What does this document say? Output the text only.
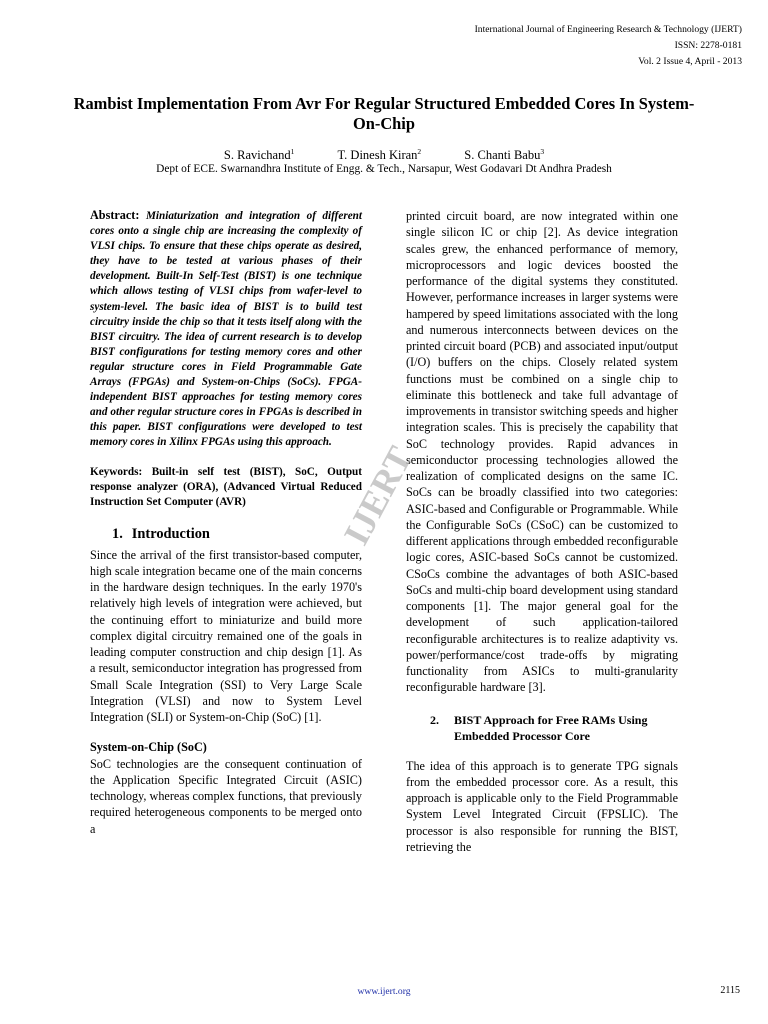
International Journal of Engineering Research & Technology (IJERT)
ISSN: 2278-0181
Vol. 2 Issue 4, April - 2013
Rambist Implementation From Avr For Regular Structured Embedded Cores In System-On-Chip
S. Ravichand$^1$	T. Dinesh Kiran$^2$	S. Chanti Babu$^3$
Dept of ECE. Swarnandhra Institute of Engg. & Tech., Narsapur, West Godavari Dt Andhra Pradesh

Abstract: Miniaturization and integration of different cores onto a single chip are increasing the complexity of VLSI chips. To ensure that these chips operate as desired, they have to be tested at various phases of their development. Built-In Self-Test (BIST) is one technique which allows testing of VLSI chips from wafer-level to system-level. The basic idea of BIST is to build test circuitry inside the chip so that it tests itself along with the BIST circuitry. The idea of current research is to develop BIST configurations for testing memory cores and other regular structure cores in Field Programmable Gate Arrays (FPGAs) and System-on-Chips (SoCs). FPGA-independent BIST approaches for testing memory cores and other regular structure cores in FPGAs is described in this paper. BIST configurations were developed to test memory cores in Xilinx FPGAs using this approach.

Keywords: Built-in self test (BIST), SoC, Output response analyzer (ORA), (Advanced Virtual Reduced Instruction Set Computer (AVR)

1. Introduction

Since the arrival of the first transistor-based computer, high scale integration became one of the main concerns in the hardware design techniques. In the early 1970's relatively high levels of integration were achieved, but the continuing effort to miniaturize and build more complex digital circuitry remained one of the goals in leading computer construction and chip design [1]. As a result, semiconductor integration has progressed from Small Scale Integration (SSI) to Very Large Scale Integration (VLSI) and now to System Level Integration (SLI) or System-on-Chip (SoC) [1].

System-on-Chip (SoC)

SoC technologies are the consequent continuation of the Application Specific Integrated Circuit (ASIC) technology, whereas complex functions, that previously required heterogeneous components to be merged onto a

printed circuit board, are now integrated within one single silicon IC or chip [2]. As device integration scales grew, the enhanced performance of memory, microprocessors and logic devices boosted the performance of the digital systems they constituted. However, performance increases in larger systems were hampered by speed limitations associated with the long and numerous interconnects between devices on the printed circuit board (PCB) and associated input/output (I/O) buffers on the chips. Closely related system functions must be combined on a single chip to eliminate this bottleneck and take full advantage of improvements in transistor switching speeds and higher integration scales. This is precisely the capability that SoC technology provides. Rapid advances in semiconductor processing technologies allowed the realization of complicated designs on the same IC. SoCs can be broadly classified into two categories: ASIC-based and Configurable or Programmable. While the Configurable SoCs (CSoC) can be customized to different applications through embedded reconfigurable logic cores, ASIC-based SoCs cannot be customized. CSoCs combine the advantages of both ASIC-based SoCs and multi-chip board development using standard components [1]. The major general goal for the development of such application-tailored reconfigurable architectures is to realize adaptivity vs. power/performance/cost trade-offs by migrating functionality from ASICs to multi-granularity reconfigurable hardware [3].

2.	BIST Approach for Free RAMs Using Embedded Processor Core

The idea of this approach is to generate TPG signals from the embedded processor core. As a result, this approach is applicable only to the Field Programmable System Level Integrated Circuit (FPSLIC). The processor is also responsible for running the BIST, retrieving the

IJERT
www.ijert.org	2115
